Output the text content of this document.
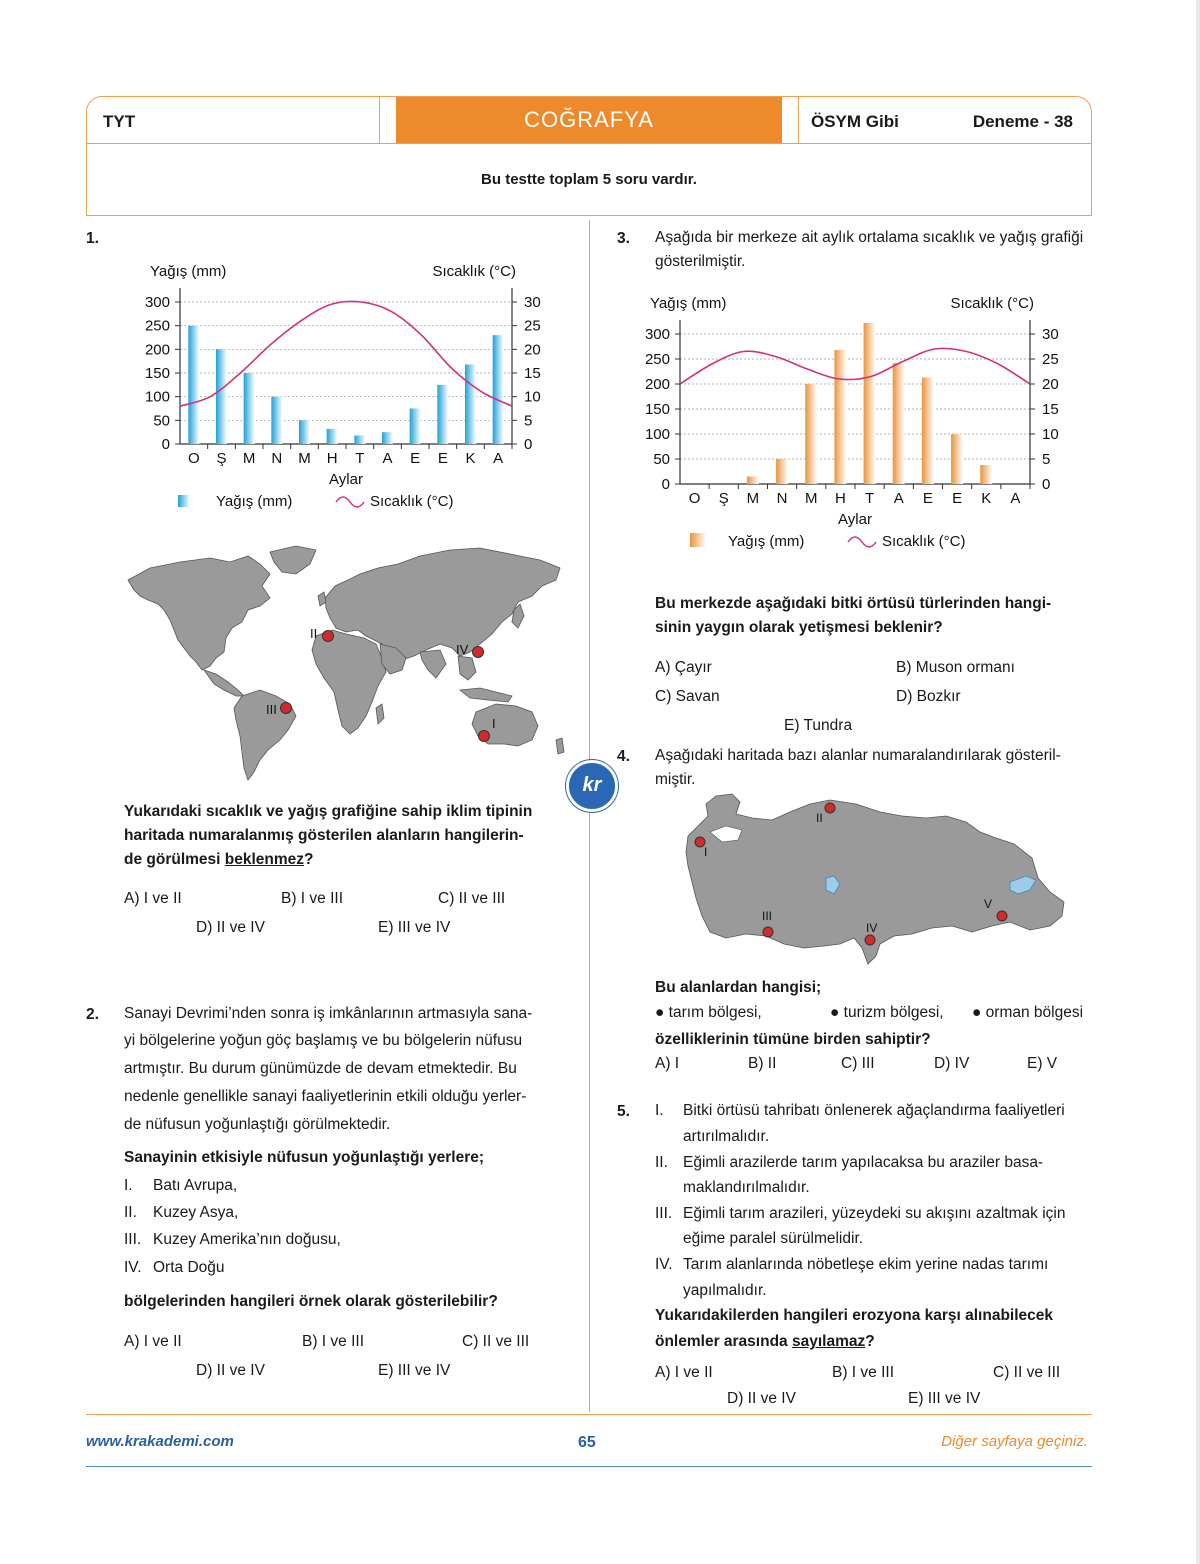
TYT	COĞRAFYA	ÖSYM Gibi	Deneme - 38
Bu testte toplam 5 soru vardır.
1.
Yağış (mm)	Sıcaklık (°C)
0	0
50	5
100	10
150	15
200	20
250	25
300	30
O Ş M N M H T A E E K A
Aylar
Yağış (mm)	Sıcaklık (°C)
I
II
III
IV
kr
Yukarıdaki sıcaklık ve yağış grafiğine sahip iklim tipinin
haritada numaralanmış gösterilen alanların hangilerin-
de görülmesi beklenmez?
A) I ve II	B) I ve III	C) II ve III
D) II ve IV	E) III ve IV
2. Sanayi Devrimi’nden sonra iş imkânlarının artmasıyla sana-
yi bölgelerine yoğun göç başlamış ve bu bölgelerin nüfusu
artmıştır. Bu durum günümüzde de devam etmektedir. Bu
nedenle genellikle sanayi faaliyetlerinin etkili olduğu yerler-
de nüfusun yoğunlaştığı görülmektedir.
Sanayinin etkisiyle nüfusun yoğunlaştığı yerlere;
I. Batı Avrupa,
II. Kuzey Asya,
III. Kuzey Amerika’nın doğusu,
IV. Orta Doğu
bölgelerinden hangileri örnek olarak gösterilebilir?
A) I ve II	B) I ve III	C) II ve III
D) II ve IV	E) III ve IV
3. Aşağıda bir merkeze ait aylık ortalama sıcaklık ve yağış grafiği
gösterilmiştir.
Yağış (mm)	Sıcaklık (°C)
0	0
50	5
100	10
150	15
200	20
250	25
300	30
O Ş M N M H T A E E K A
Aylar
Yağış (mm)	Sıcaklık (°C)
Bu merkezde aşağıdaki bitki örtüsü türlerinden hangi-
sinin yaygın olarak yetişmesi beklenir?
A) Çayır	B) Muson ormanı
C) Savan	D) Bozkır
E) Tundra
4. Aşağıdaki haritada bazı alanlar numaralandırılarak gösteril-
miştir.
I
II
III
IV
V
Bu alanlardan hangisi;
● tarım bölgesi,	● turizm bölgesi, ● orman bölgesi
özelliklerinin tümüne birden sahiptir?
A) I	B) II	C) III	D) IV	E) V
5. I. Bitki örtüsü tahribatı önlenerek ağaçlandırma faaliyetleri
artırılmalıdır.
II. Eğimli arazilerde tarım yapılacaksa bu araziler basa-
maklandırılmalıdır.
III. Eğimli tarım arazileri, yüzeydeki su akışını azaltmak için
eğime paralel sürülmelidir.
IV. Tarım alanlarında nöbetleşe ekim yerine nadas tarımı
yapılmalıdır.
Yukarıdakilerden hangileri erozyona karşı alınabilecek
önlemler arasında sayılamaz?
A) I ve II	B) I ve III	C) II ve III
D) II ve IV	E) III ve IV
www.krakademi.com	65	Diğer sayfaya geçiniz.
